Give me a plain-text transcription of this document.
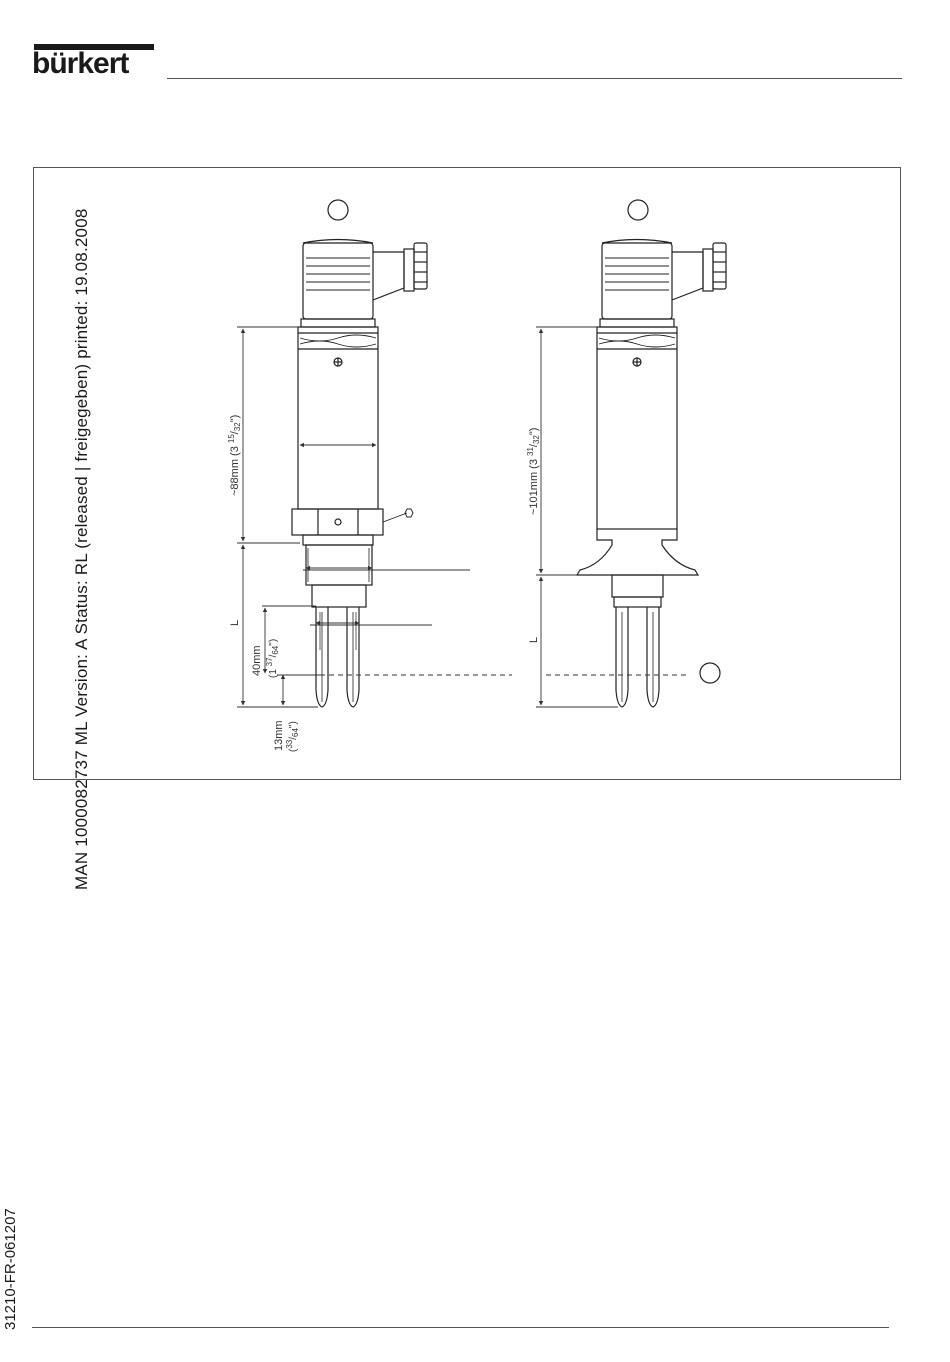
bürkert
MAN 1000082737 ML Version: A Status: RL (released | freigegeben) printed: 19.08.2008
31210-FR-061207
~88mm (3 $^{15}$/32")
L
40mm (1 $^{37}/_{64}$")
13mm $(^{33}/_{64}")$
~101mm (3 $^{31}$/32")
L
